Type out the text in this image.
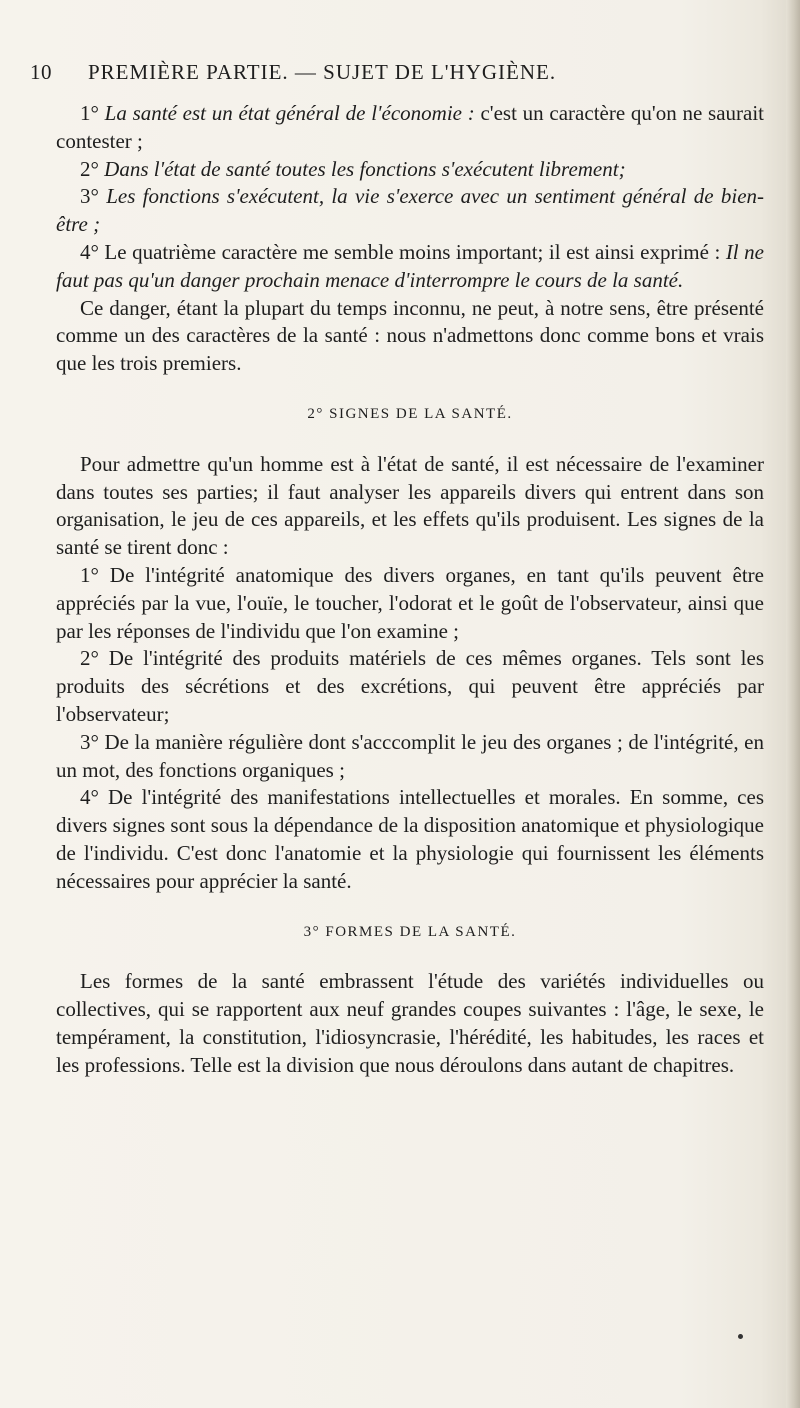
10 PREMIÈRE PARTIE. — SUJET DE L'HYGIÈNE.

1° La santé est un état général de l'économie : c'est un caractère qu'on ne saurait contester ;

2° Dans l'état de santé toutes les fonctions s'exécutent librement;

3° Les fonctions s'exécutent, la vie s'exerce avec un sentiment général de bien-être ;

4° Le quatrième caractère me semble moins important; il est ainsi exprimé : Il ne faut pas qu'un danger prochain menace d'interrompre le cours de la santé.

Ce danger, étant la plupart du temps inconnu, ne peut, à notre sens, être présenté comme un des caractères de la santé : nous n'admettons donc comme bons et vrais que les trois premiers.

2° SIGNES DE LA SANTÉ.

Pour admettre qu'un homme est à l'état de santé, il est nécessaire de l'examiner dans toutes ses parties; il faut analyser les appareils divers qui entrent dans son organisation, le jeu de ces appareils, et les effets qu'ils produisent. Les signes de la santé se tirent donc :

1° De l'intégrité anatomique des divers organes, en tant qu'ils peuvent être appréciés par la vue, l'ouïe, le toucher, l'odorat et le goût de l'observateur, ainsi que par les réponses de l'individu que l'on examine ;

2° De l'intégrité des produits matériels de ces mêmes organes. Tels sont les produits des sécrétions et des excrétions, qui peuvent être appréciés par l'observateur;

3° De la manière régulière dont s'acccomplit le jeu des organes ; de l'intégrité, en un mot, des fonctions organiques ;

4° De l'intégrité des manifestations intellectuelles et morales. En somme, ces divers signes sont sous la dépendance de la disposition anatomique et physiologique de l'individu. C'est donc l'anatomie et la physiologie qui fournissent les éléments nécessaires pour apprécier la santé.

3° FORMES DE LA SANTÉ.

Les formes de la santé embrassent l'étude des variétés individuelles ou collectives, qui se rapportent aux neuf grandes coupes suivantes : l'âge, le sexe, le tempérament, la constitution, l'idiosyncrasie, l'hérédité, les habitudes, les races et les professions. Telle est la division que nous déroulons dans autant de chapitres.
